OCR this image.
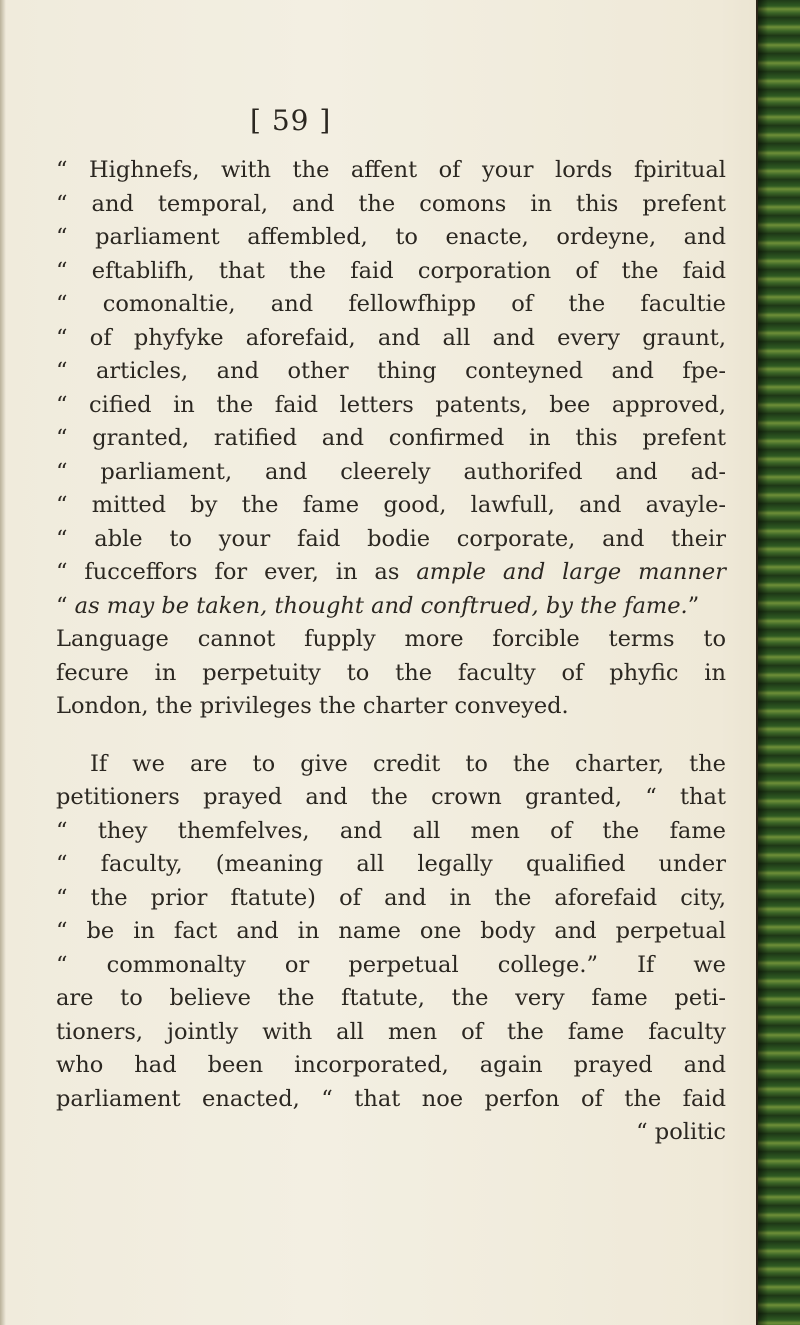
[ 59 ]
“ Highnefs, with the affent of your lords fpiritual
“ and temporal, and the comons in this prefent
“ parliament affembled, to enacte, ordeyne, and
“ eftablifh, that the faid corporation of the faid
“ comonaltie, and fellowfhipp of the facultie
“ of phyfyke aforefaid, and all and every graunt,
“ articles, and other thing conteyned and fpe-
“ cified in the faid letters patents, bee approved,
“ granted, ratified and confirmed in this prefent
“ parliament, and cleerely authorifed and ad-
“ mitted by the fame good, lawfull, and avayle-
“ able to your faid bodie corporate, and their
“ fucceffors for ever, in as ample and large manner
“ as may be taken, thought and conftrued, by the fame.”
Language cannot fupply more forcible terms to
fecure in perpetuity to the faculty of phyfic in
London, the privileges the charter conveyed.
If we are to give credit to the charter, the
petitioners prayed and the crown granted, “ that
“ they themfelves, and all men of the fame
“ faculty, (meaning all legally qualified under
“ the prior ftatute) of and in the aforefaid city,
“ be in fact and in name one body and perpetual
“ commonalty or perpetual college.” If we
are to believe the ftatute, the very fame peti-
tioners, jointly with all men of the fame faculty
who had been incorporated, again prayed and
parliament enacted, “ that noe perfon of the faid
“ politic
